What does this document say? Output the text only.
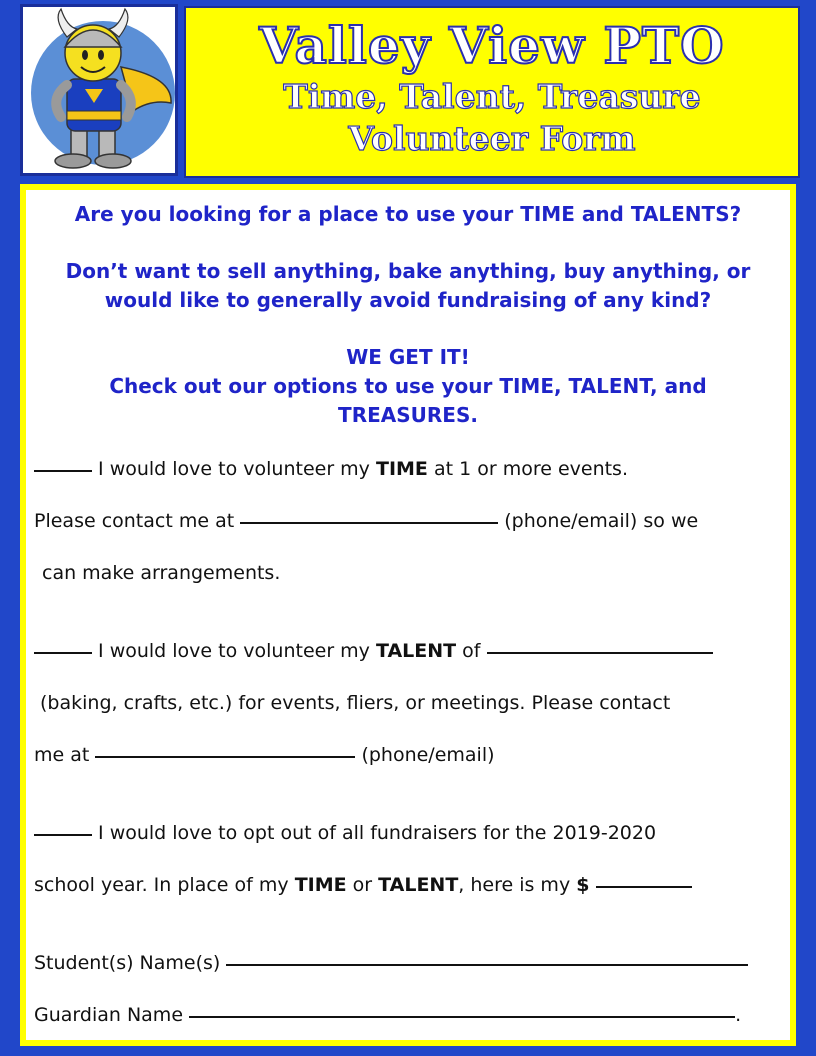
Valley View PTO
Time, Talent, Treasure
Volunteer Form

Are you looking for a place to use your TIME and TALENTS?

Don’t want to sell anything, bake anything, buy anything, or

would like to generally avoid fundraising of any kind?

WE GET IT!

Check out our options to use your TIME, TALENT, and

TREASURES.

I would love to volunteer my TIME at 1 or more events.

Please contact me at	(phone/email) so we

can make arrangements.

I would love to volunteer my TALENT of

(baking, crafts, etc.) for events, fliers, or meetings. Please contact

me at	(phone/email)

I would love to opt out of all fundraisers for the 2019-2020

school year. In place of my TIME or TALENT, here is my $

Student(s) Name(s)

Guardian Name	.
